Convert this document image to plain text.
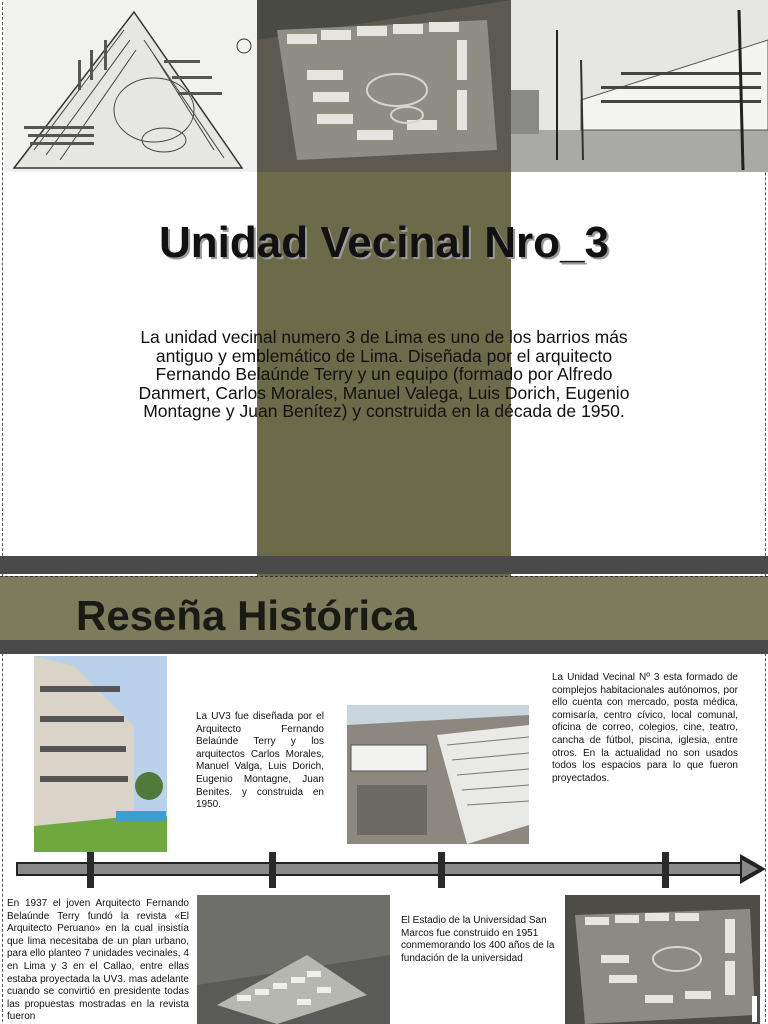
Unidad Vecinal Nro_3

La unidad vecinal numero 3 de Lima es uno de los barrios más antiguo y emblemático de Lima. Diseñada por el arquitecto Fernando Belaúnde Terry y un equipo (formado por Alfredo Danmert, Carlos Morales, Manuel Valega, Luis Dorich, Eugenio Montagne y Juan Benítez) y construida en la década de 1950.

Reseña Histórica
La UV3 fue diseñada por el Arquitecto Fernando Belaúnde Terry y los arquitectos Carlos Morales, Manuel Valga, Luis Dorich, Eugenio Montagne, Juan Benites. y construida en 1950.
La Unidad Vecinal Nº 3 esta formado de complejos habitacionales autónomos, por ello cuenta con mercado, posta médica, comisaría, centro cívico, local comunal, oficina de correo, colegios, cine, teatro, cancha de fútbol, piscina, iglesia, entre otros. En la actualidad no son usados todos los espacios para lo que fueron proyectados.
En 1937 el joven Arquitecto Fernando Belaúnde Terry fundó la revista «El Arquitecto Peruano» en la cual insistía que lima necesitaba de un plan urbano, para ello planteo 7 unidades vecinales, 4 en Lima y 3 en el Callao, entre ellas estaba proyectada la UV3. mas adelante cuando se convirtió en presidente todas las propuestas mostradas en la revista fueron
El Estadio de la Universidad San Marcos fue construido en 1951 conmemorando los 400 años de la fundación de la universidad
